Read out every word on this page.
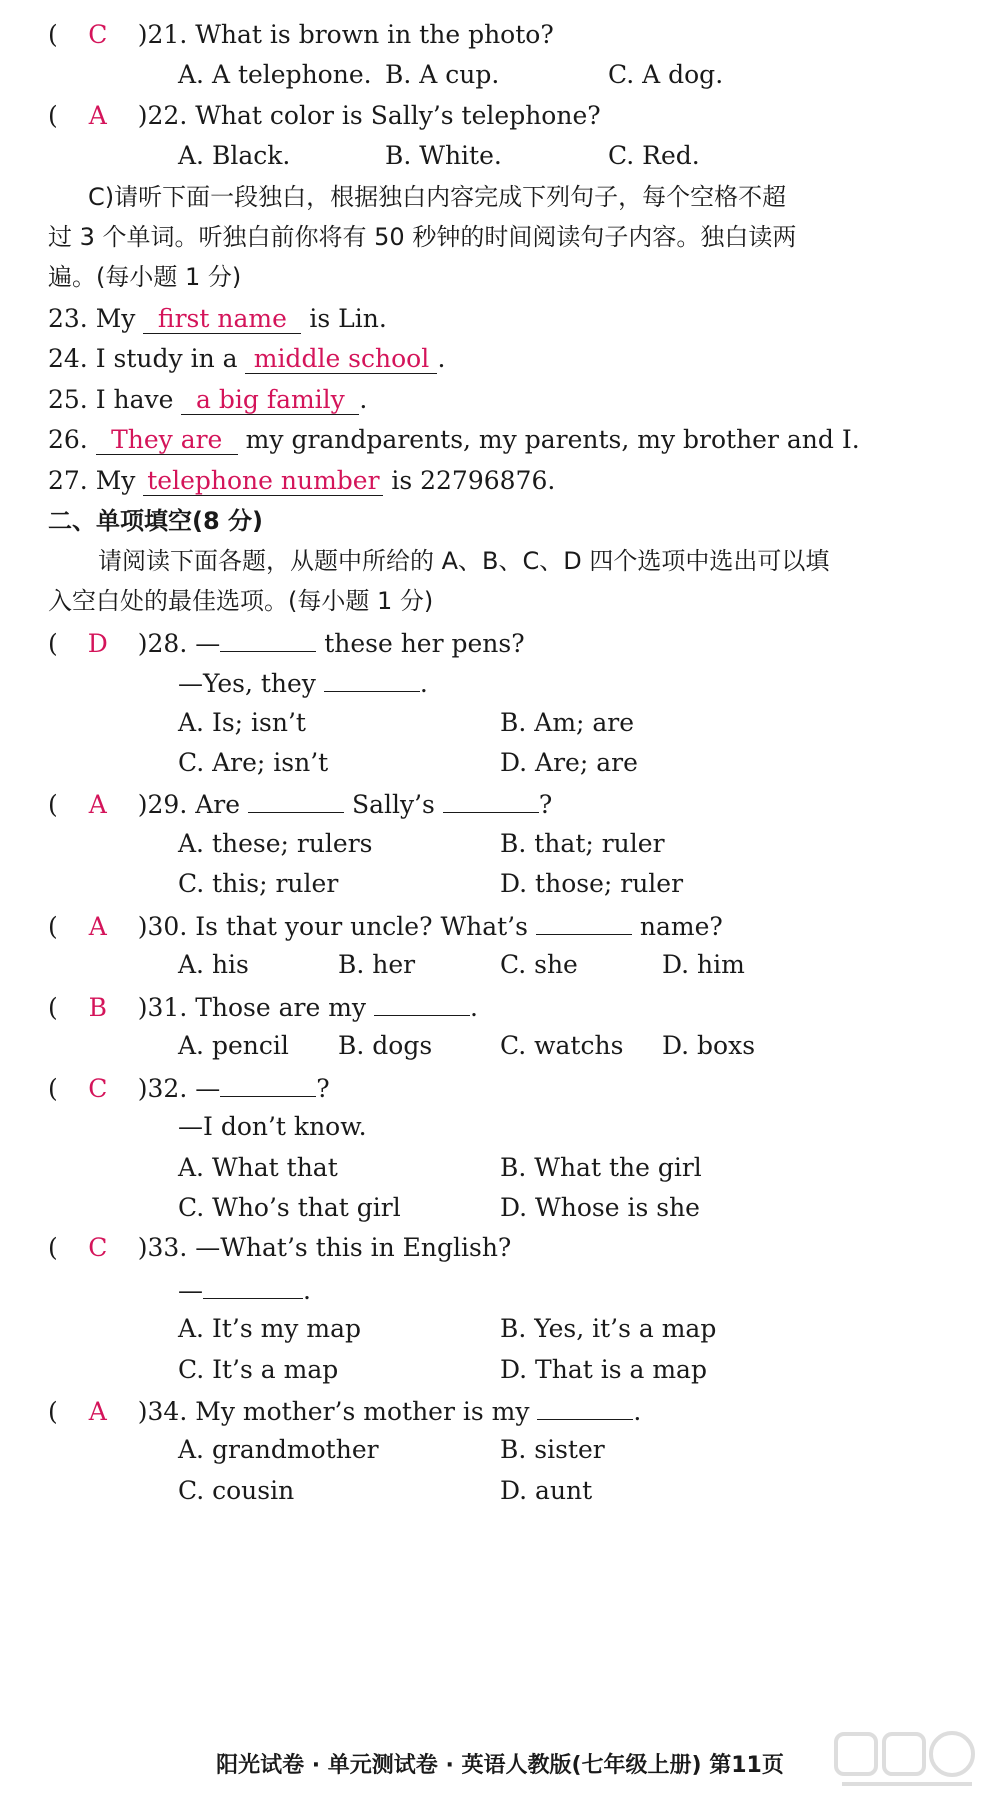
( C )21. What is brown in the photo?
A. A telephone. B. A cup.	C. A dog.
( A )22. What color is Sally’s telephone?
A. Black.	B. White.	C. Red.
C)请听下面一段独白，根据独白内容完成下列句子，每个空格不超
过 3 个单词。听独白前你将有 50 秒钟的时间阅读句子内容。独白读两
遍。(每小题 1 分)
23. My first name is Lin.
24. I study in a middle school .
25. I have a big family .
26. They are my grandparents, my parents, my brother and I.
27. My telephone number is 22796876.
二、单项填空(8 分)
请阅读下面各题，从题中所给的 A、B、C、D 四个选项中选出可以填
入空白处的最佳选项。(每小题 1 分)
( D )28. —	these her pens?
—Yes, they	.
A. Is; isn’t	B. Am; are
C. Are; isn’t	D. Are; are
( A )29. Are	Sally’s	?
A. these; rulers	B. that; ruler
C. this; ruler	D. those; ruler
( A )30. Is that your uncle? What’s	name?
A. his	B. her	C. she	D. him
( B )31. Those are my	.
A. pencil B. dogs	C. watchs D. boxs
( C )32. —	?
—I don’t know.
A. What that	B. What the girl
C. Who’s that girl	D. Whose is she
( C )33. —What’s this in English?
—	.
A. It’s my map	B. Yes, it’s a map
C. It’s a map	D. That is a map
( A )34. My mother’s mother is my	.
A. grandmother	B. sister
C. cousin	D. aunt
阳光试卷 · 单元测试卷 · 英语人教版(七年级上册) 第11页
